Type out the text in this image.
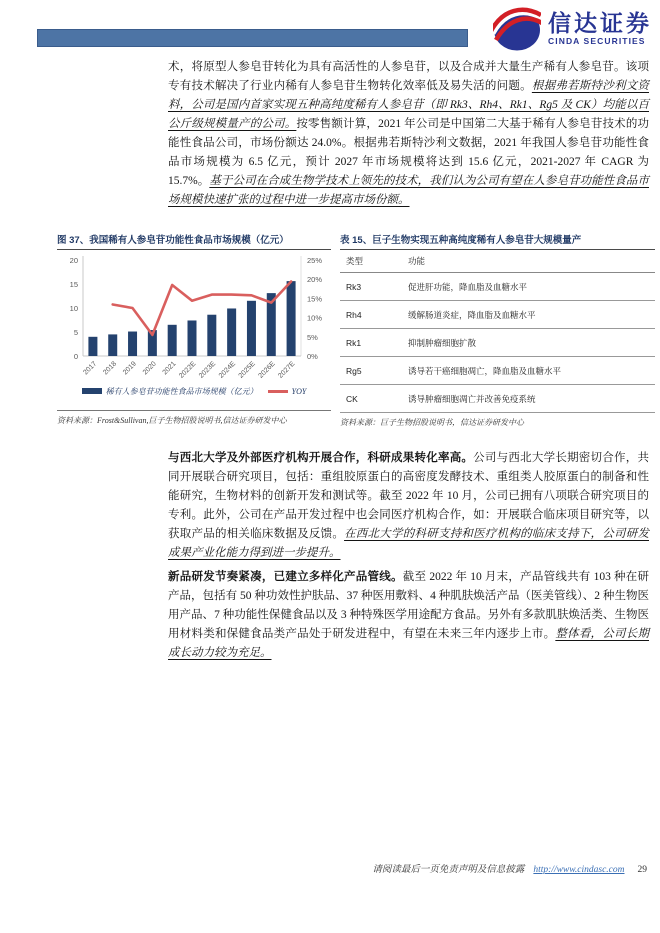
信达证券
CINDA SECURITIES

术，将原型人参皂苷转化为具有高活性的人参皂苷，以及合成并大量生产稀有人参皂苷。该项专有技术解决了行业内稀有人参皂苷生物转化效率低及易失活的问题。根据弗若斯特沙利文资料，公司是国内首家实现五种高纯度稀有人参皂苷（即 Rk3、Rh4、Rk1、Rg5 及 CK）均能以百公斤级规模量产的公司。按零售额计算，2021 年公司是中国第二大基于稀有人参皂苷技术的功能性食品公司，市场份额达 24.0%。根据弗若斯特沙利文数据，2021 年我国人参皂苷功能性食品市场规模为 6.5 亿元，预计 2027 年市场规模将达到 15.6 亿元，2021-2027 年 CAGR 为 15.7%。基于公司在合成生物学技术上领先的技术，我们认为公司有望在人参皂苷功能性食品市场规模快速扩张的过程中进一步提高市场份额。

图 37、我国稀有人参皂苷功能性食品市场规模（亿元）
0
5
10
15
20
0%
5%
10%
15%
20%
25%
2017 2018 2019 2020 2021 2022E 2023E 2024E 2025E 2026E 2027E
稀有人参皂苷功能性食品市场规模（亿元）	YOY
资料来源：Frost&Sullivan,巨子生物招股说明书,信达证券研发中心
表 15、巨子生物实现五种高纯度稀有人参皂苷大规模量产
类型	功能
Rk3	促进肝功能，降血脂及血糖水平
Rh4	缓解肠道炎症，降血脂及血糖水平
Rk1	抑制肿瘤细胞扩散
Rg5	诱导若干癌细胞凋亡，降血脂及血糖水平
CK	诱导肿瘤细胞凋亡并改善免疫系统
资料来源：巨子生物招股说明书，信达证券研发中心

与西北大学及外部医疗机构开展合作，科研成果转化率高。公司与西北大学长期密切合作，共同开展联合研究项目，包括：重组胶原蛋白的高密度发酵技术、重组类人胶原蛋白的制备和性能研究，生物材料的创新开发和测试等。截至 2022 年 10 月，公司已拥有八项联合研究项目的专利。此外，公司在产品开发过程中也会同医疗机构合作，如：开展联合临床项目研究等，以获取产品的相关临床数据及反馈。在西北大学的科研支持和医疗机构的临床支持下，公司研发成果产业化能力得到进一步提升。

新品研发节奏紧凑，已建立多样化产品管线。截至 2022 年 10 月末，产品管线共有 103 种在研产品，包括有 50 种功效性护肤品、37 种医用敷料、4 种肌肤焕活产品（医美管线）、2 种生物医用产品、7 种功能性保健食品以及 3 种特殊医学用途配方食品。另外有多款肌肤焕活类、生物医用材料类和保健食品类产品处于研发进程中，有望在未来三年内逐步上市。整体看，公司长期成长动力较为充足。

请阅读最后一页免责声明及信息披露 http://www.cindasc.com	29
